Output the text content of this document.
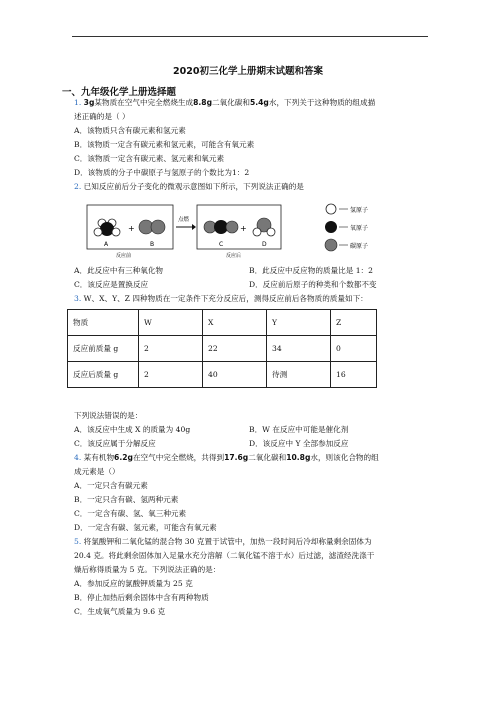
2020初三化学上册期末试题和答案
一、九年级化学上册选择题
1. 3g某物质在空气中完全燃烧生成8.8g二氧化碳和5.4g水，下列关于这种物质的组成描
述正确的是（ ）
A．该物质只含有碳元素和氢元素
B．该物质一定含有碳元素和氢元素，可能含有氧元素
C．该物质一定含有碳元素、氢元素和氧元素
D．该物质的分子中碳原子与氢原子的个数比为1：2
2. 已知反应前后分子变化的微观示意图如下所示，下列说法正确的是
+
A	B
反应前
点燃
+
C	D
反应后
氢原子
氧原子
碳原子
A．此反应中有三种氧化物	B．此反应中反应物的质量比是 1：2
C．该反应是置换反应	D．反应前后原子的种类和个数都不变
3. W、X、Y、Z 四种物质在一定条件下充分反应后，测得反应前后各物质的质量如下：
物质	W	X	Y	Z
反应前质量 g	2	22	34	0
反应后质量 g	2	40	待测	16
下列说法错误的是：
A．该反应中生成 X 的质量为 40g	B．W 在反应中可能是催化剂
C．该反应属于分解反应	D．该反应中 Y 全部参加反应
4. 某有机物6.2g在空气中完全燃烧，共得到17.6g二氧化碳和10.8g水，则该化合物的组
成元素是（）
A．一定只含有碳元素
B．一定只含有碳、氢两种元素
C．一定含有碳、氢、氧三种元素
D．一定含有碳、氢元素，可能含有氧元素
5. 将氯酸钾和二氧化锰的混合物 30 克置于试管中，加热一段时间后冷却称量剩余固体为
20.4 克。将此剩余固体加入足量水充分溶解（二氧化锰不溶于水）后过滤，滤渣经洗涤干
燥后称得质量为 5 克。下列说法正确的是：
A．参加反应的氯酸钾质量为 25 克
B．停止加热后剩余固体中含有两种物质
C．生成氧气质量为 9.6 克
